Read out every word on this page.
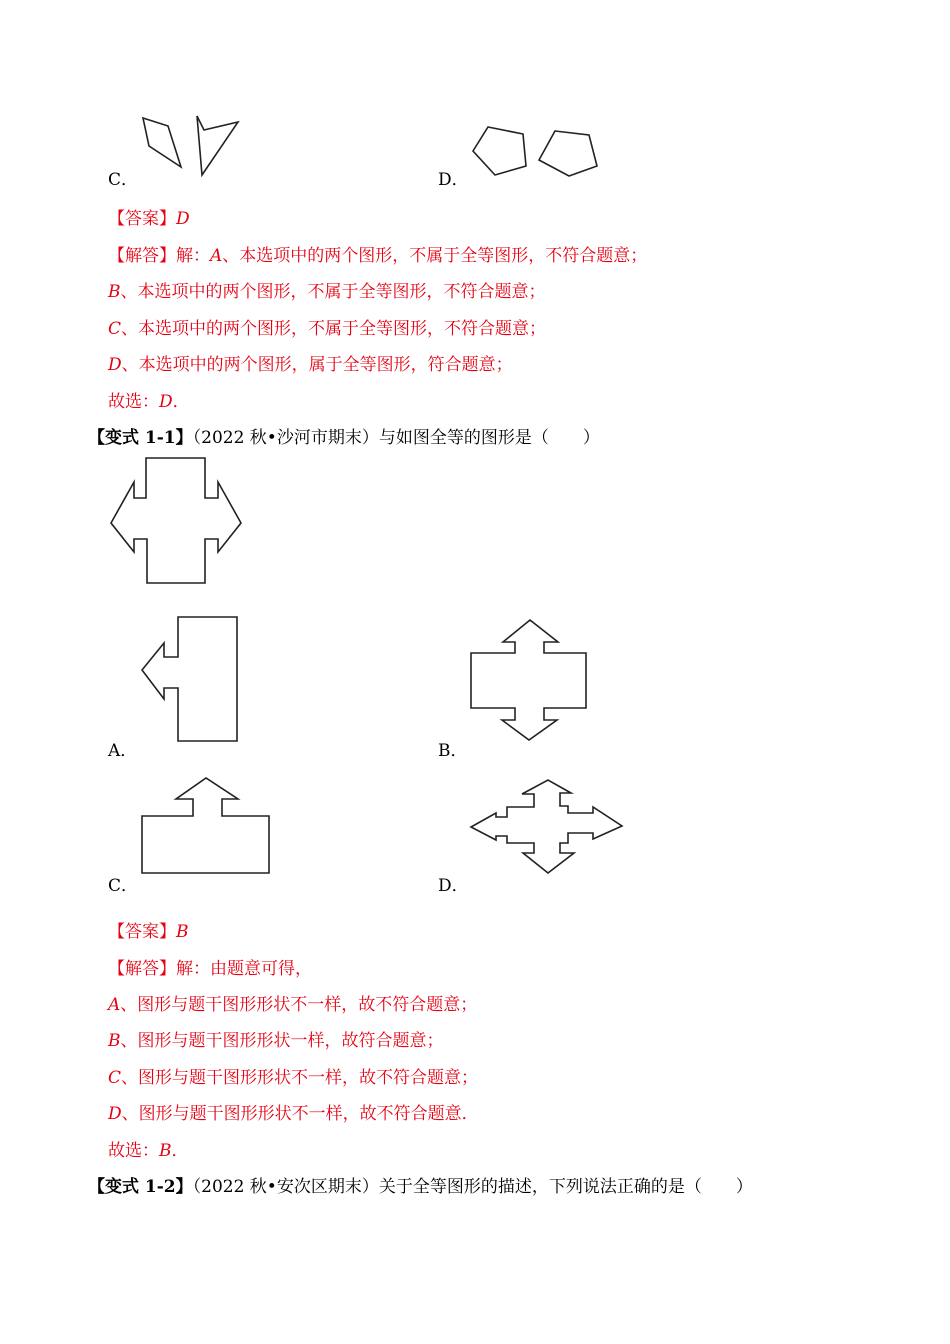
C．	D．
【答案】D
【解答】解：A、本选项中的两个图形，不属于全等图形，不符合题意；
B、本选项中的两个图形，不属于全等图形，不符合题意；
C、本选项中的两个图形，不属于全等图形，不符合题意；
D、本选项中的两个图形，属于全等图形，符合题意；
故选：D．
【变式 1-1】（2022 秋•沙河市期末）与如图全等的图形是（　　）
A．	B．
C．	D．
【答案】B
【解答】解：由题意可得，
A、图形与题干图形形状不一样，故不符合题意；
B、图形与题干图形形状一样，故符合题意；
C、图形与题干图形形状不一样，故不符合题意；
D、图形与题干图形形状不一样，故不符合题意．
故选：B．
【变式 1-2】（2022 秋•安次区期末）关于全等图形的描述，下列说法正确的是（　　）
